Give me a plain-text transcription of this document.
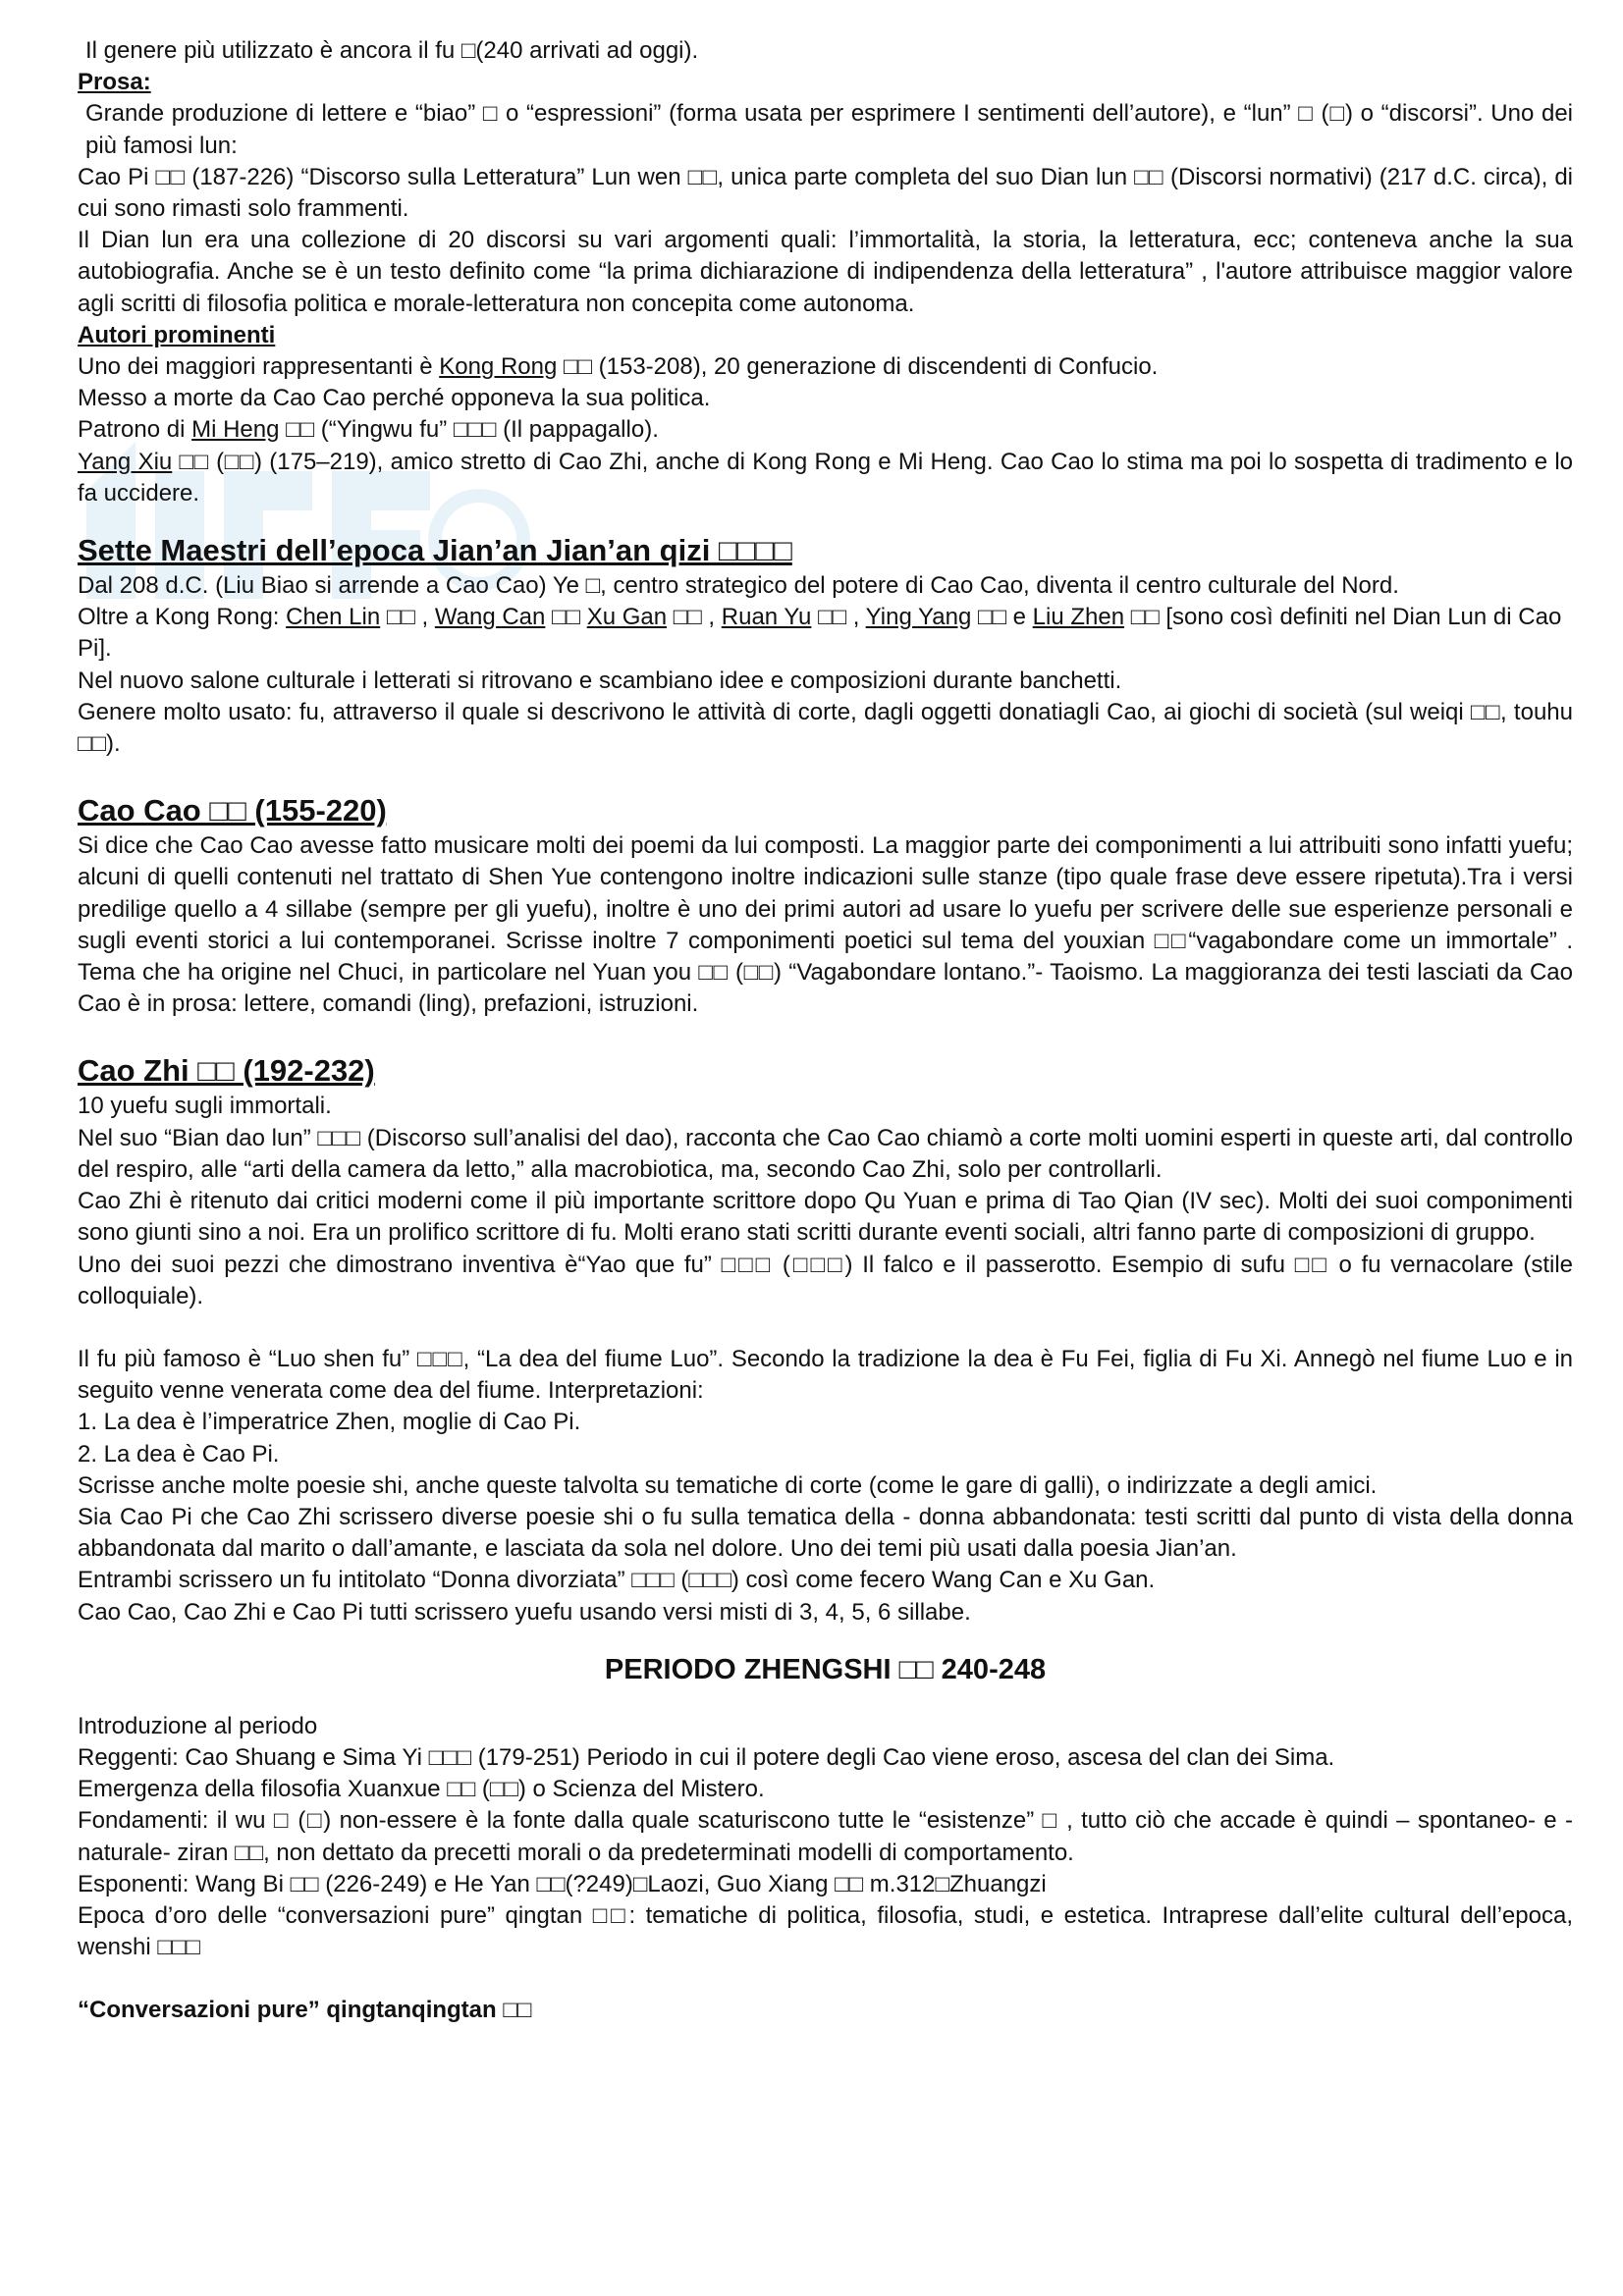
Il genere più utilizzato è ancora il fu □(240 arrivati ad oggi).

Prosa:

Grande produzione di lettere e “biao” □ o “espressioni” (forma usata per esprimere I sentimenti dell’autore), e “lun” □ (□) o “discorsi”. Uno dei più famosi lun:

Cao Pi □□ (187-226) “Discorso sulla Letteratura” Lun wen □□, unica parte completa del suo Dian lun □□ (Discorsi normativi) (217 d.C. circa), di cui sono rimasti solo frammenti.

Il Dian lun era una collezione di 20 discorsi su vari argomenti quali: l’immortalità, la storia, la letteratura, ecc; conteneva anche la sua autobiografia. Anche se è un testo definito come “la prima dichiarazione di indipendenza della letteratura” , l'autore attribuisce maggior valore agli scritti di filosofia politica e morale-letteratura non concepita come autonoma.

Autori prominenti

Uno dei maggiori rappresentanti è Kong Rong □□ (153-208), 20 generazione di discendenti di Confucio.

Messo a morte da Cao Cao perché opponeva la sua politica.

Patrono di Mi Heng □□ (“Yingwu fu” □□□ (Il pappagallo).

Yang Xiu □□ (□□) (175–219), amico stretto di Cao Zhi, anche di Kong Rong e Mi Heng. Cao Cao lo stima ma poi lo sospetta di tradimento e lo fa uccidere.

Sette Maestri dell’epoca Jian’an Jian’an qizi □□□□

Dal 208 d.C. (Liu Biao si arrende a Cao Cao) Ye □, centro strategico del potere di Cao Cao, diventa il centro culturale del Nord.

Oltre a Kong Rong: Chen Lin □□ , Wang Can □□ Xu Gan □□ , Ruan Yu □□ , Ying Yang □□ e Liu Zhen □□ [sono così definiti nel Dian Lun di Cao Pi].

Nel nuovo salone culturale i letterati si ritrovano e scambiano idee e composizioni durante banchetti.

Genere molto usato: fu, attraverso il quale si descrivono le attività di corte, dagli oggetti donatiagli Cao, ai giochi di società (sul weiqi □□, touhu □□).

Cao Cao □□ (155-220)

Si dice che Cao Cao avesse fatto musicare molti dei poemi da lui composti. La maggior parte dei componimenti a lui attribuiti sono infatti yuefu; alcuni di quelli contenuti nel trattato di Shen Yue contengono inoltre indicazioni sulle stanze (tipo quale frase deve essere ripetuta).Tra i versi predilige quello a 4 sillabe (sempre per gli yuefu), inoltre è uno dei primi autori ad usare lo yuefu per scrivere delle sue esperienze personali e sugli eventi storici a lui contemporanei. Scrisse inoltre 7 componimenti poetici sul tema del youxian □□“vagabondare come un immortale” . Tema che ha origine nel Chuci, in particolare nel Yuan you □□ (□□) “Vagabondare lontano.”- Taoismo. La maggioranza dei testi lasciati da Cao Cao è in prosa: lettere, comandi (ling), prefazioni, istruzioni.

Cao Zhi □□ (192-232)

10 yuefu sugli immortali.

Nel suo “Bian dao lun” □□□ (Discorso sull’analisi del dao), racconta che Cao Cao chiamò a corte molti uomini esperti in queste arti, dal controllo del respiro, alle “arti della camera da letto,” alla macrobiotica, ma, secondo Cao Zhi, solo per controllarli.

Cao Zhi è ritenuto dai critici moderni come il più importante scrittore dopo Qu Yuan e prima di Tao Qian (IV sec). Molti dei suoi componimenti sono giunti sino a noi. Era un prolifico scrittore di fu. Molti erano stati scritti durante eventi sociali, altri fanno parte di composizioni di gruppo.

Uno dei suoi pezzi che dimostrano inventiva è“Yao que fu” □□□ (□□□) Il falco e il passerotto. Esempio di sufu □□ o fu vernacolare (stile colloquiale).

Il fu più famoso è “Luo shen fu” □□□, “La dea del fiume Luo”. Secondo la tradizione la dea è Fu Fei, figlia di Fu Xi. Annegò nel fiume Luo e in seguito venne venerata come dea del fiume. Interpretazioni:

1. La dea è l’imperatrice Zhen, moglie di Cao Pi.

2. La dea è Cao Pi.

Scrisse anche molte poesie shi, anche queste talvolta su tematiche di corte (come le gare di galli), o indirizzate a degli amici.

Sia Cao Pi che Cao Zhi scrissero diverse poesie shi o fu sulla tematica della - donna abbandonata: testi scritti dal punto di vista della donna abbandonata dal marito o dall’amante, e lasciata da sola nel dolore. Uno dei temi più usati dalla poesia Jian’an.

Entrambi scrissero un fu intitolato “Donna divorziata” □□□ (□□□) così come fecero Wang Can e Xu Gan.

Cao Cao, Cao Zhi e Cao Pi tutti scrissero yuefu usando versi misti di 3, 4, 5, 6 sillabe.

PERIODO ZHENGSHI □□ 240-248

Introduzione al periodo

Reggenti: Cao Shuang e Sima Yi □□□ (179-251) Periodo in cui il potere degli Cao viene eroso, ascesa del clan dei Sima.

Emergenza della filosofia Xuanxue □□ (□□) o Scienza del Mistero.

Fondamenti: il wu □ (□) non-essere è la fonte dalla quale scaturiscono tutte le “esistenze” □ , tutto ciò che accade è quindi – spontaneo- e -naturale- ziran □□, non dettato da precetti morali o da predeterminati modelli di comportamento.

Esponenti: Wang Bi □□ (226-249) e He Yan □□(?249)□Laozi, Guo Xiang □□ m.312□Zhuangzi

Epoca d’oro delle “conversazioni pure” qingtan □□: tematiche di politica, filosofia, studi, e estetica. Intraprese dall’elite cultural dell’epoca, wenshi □□□

“Conversazioni pure” qingtanqingtan □□
